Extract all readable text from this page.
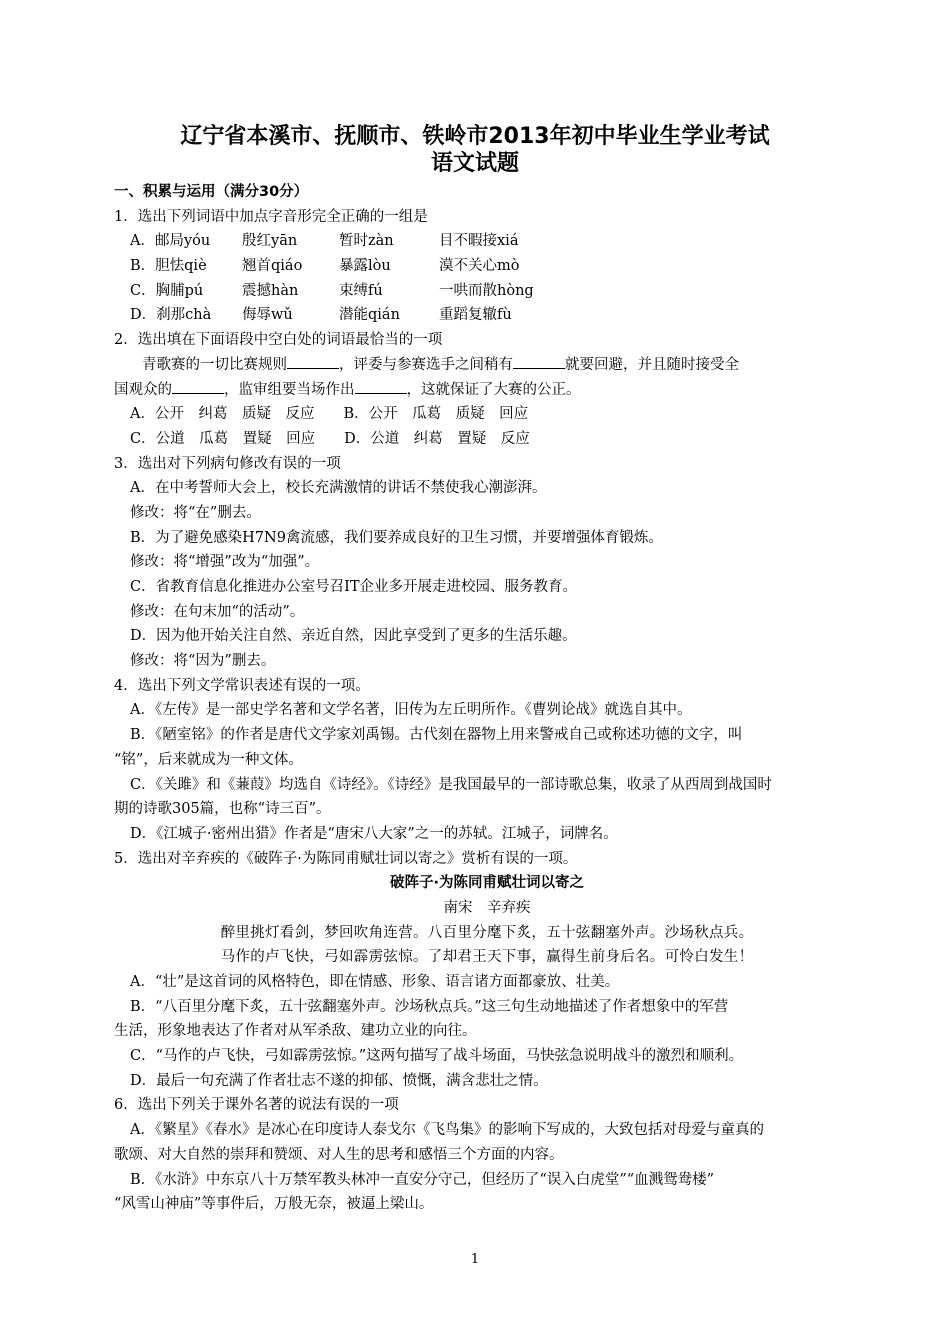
辽宁省本溪市、抚顺市、铁岭市2013年初中毕业生学业考试
语文试题
一、积累与运用（满分30分）
1．选出下列词语中加点字音形完全正确的一组是
A．邮局yóu	殷红yān	暂时zàn	目不暇接xiá
B．胆怯qiè	翘首qiáo	暴露lòu	漠不关心mò
C．胸脯pú	震撼hàn	束缚fú	一哄而散hòng
D．刹那chà	侮辱wǔ	潜能qián	重蹈复辙fù
2．选出填在下面语段中空白处的词语最恰当的一项
青歌赛的一切比赛规则	，评委与参赛选手之间稍有	就要回避，并且随时接受全
国观众的	，监审组要当场作出	，这就保证了大赛的公正。
A．公开　纠葛　质疑　反应　　B．公开　瓜葛　质疑　回应
C．公道　瓜葛　置疑　回应　　D．公道　纠葛　置疑　反应
3．选出对下列病句修改有误的一项
A．在中考誓师大会上，校长充满激情的讲话不禁使我心潮澎湃。
修改：将“在”删去。
B．为了避免感染H7N9禽流感，我们要养成良好的卫生习惯，并要增强体育锻炼。
修改：将“增强”改为“加强”。
C．省教育信息化推进办公室号召IT企业多开展走进校园、服务教育。
修改：在句末加“的活动”。
D．因为他开始关注自然、亲近自然，因此享受到了更多的生活乐趣。
修改：将“因为”删去。
4．选出下列文学常识表述有误的一项。
A．《左传》是一部史学名著和文学名著，旧传为左丘明所作。《曹刿论战》就选自其中。
B．《陋室铭》的作者是唐代文学家刘禹锡。古代刻在器物上用来警戒自己或称述功德的文字，叫
“铭”，后来就成为一种文体。
C．《关雎》和《蒹葭》均选自《诗经》。《诗经》是我国最早的一部诗歌总集，收录了从西周到战国时
期的诗歌305篇，也称“诗三百”。
D．《江城子·密州出猎》作者是“唐宋八大家”之一的苏轼。江城子，词牌名。
5．选出对辛弃疾的《破阵子·为陈同甫赋壮词以寄之》赏析有误的一项。
破阵子·为陈同甫赋壮词以寄之
南宋　辛弃疾
醉里挑灯看剑，梦回吹角连营。八百里分麾下炙，五十弦翻塞外声。沙场秋点兵。
马作的卢飞快，弓如霹雳弦惊。了却君王天下事，赢得生前身后名。可怜白发生！
A．“壮”是这首词的风格特色，即在情感、形象、语言诸方面都豪放、壮美。
B．“八百里分麾下炙，五十弦翻塞外声。沙场秋点兵。”这三句生动地描述了作者想象中的军营
生活，形象地表达了作者对从军杀敌、建功立业的向往。
C．“马作的卢飞快，弓如霹雳弦惊。”这两句描写了战斗场面，马快弦急说明战斗的激烈和顺利。
D．最后一句充满了作者壮志不遂的抑郁、愤慨，满含悲壮之情。
6．选出下列关于课外名著的说法有误的一项
A．《繁星》《春水》是冰心在印度诗人泰戈尔《飞鸟集》的影响下写成的，大致包括对母爱与童真的
歌颂、对大自然的崇拜和赞颂、对人生的思考和感悟三个方面的内容。
B．《水浒》中东京八十万禁军教头林冲一直安分守己，但经历了“误入白虎堂”“血溅鸳鸯楼”
“风雪山神庙”等事件后，万般无奈，被逼上梁山。
1
